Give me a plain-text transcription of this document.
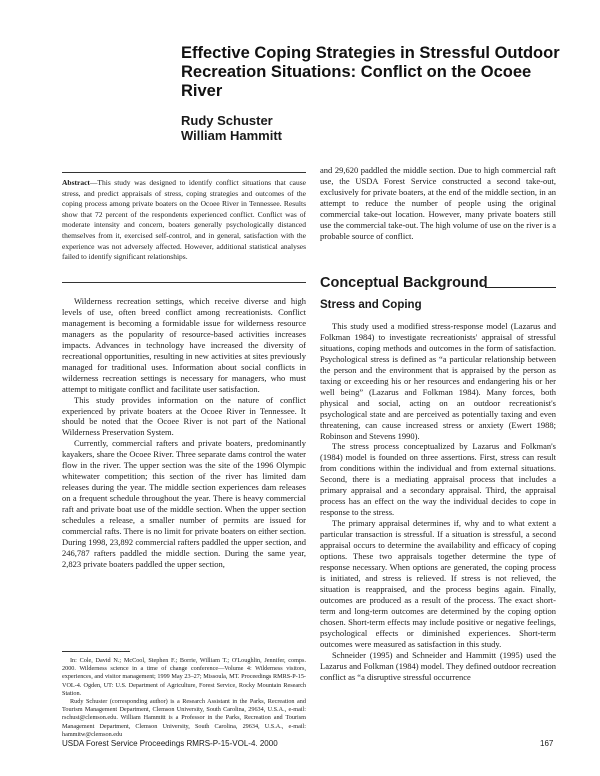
Effective Coping Strategies in Stressful Outdoor Recreation Situations: Conflict on the Ocoee River
Rudy Schuster
William Hammitt
Abstract—This study was designed to identify conflict situations that cause stress, and predict appraisals of stress, coping strategies and outcomes of the coping process among private boaters on the Ocoee River in Tennessee. Results show that 72 percent of the respondents experienced conflict. Conflict was of moderate intensity and concern, boaters generally psychologically distanced themselves from it, exercised self-control, and in general, satisfaction with the experience was not adversely affected. However, additional statistical analyses failed to identify significant relationships.

Wilderness recreation settings, which receive diverse and high levels of use, often breed conflict among recreationists. Conflict management is becoming a formidable issue for wilderness resource managers as the popularity of resource-based activities increases impacts. Advances in technology have increased the diversity of recreational opportunities, resulting in new activities at sites previously managed for traditional uses. Information about social conflicts in wilderness recreation settings is necessary for managers, who must attempt to mitigate conflict and facilitate user satisfaction.

This study provides information on the nature of conflict experienced by private boaters at the Ocoee River in Tennessee. It should be noted that the Ocoee River is not part of the National Wilderness Preservation System.

Currently, commercial rafters and private boaters, predominantly kayakers, share the Ocoee River. Three separate dams control the water flow in the river. The upper section was the site of the 1996 Olympic whitewater competition; this section of the river has limited dam releases during the year. The middle section experiences dam releases on a frequent schedule throughout the year. There is heavy commercial raft and private boat use of the middle section. When the upper section schedules a release, a smaller number of permits are issued for commercial rafts. There is no limit for private boaters on either section. During 1998, 23,892 commercial rafters paddled the upper section, and 246,787 rafters paddled the middle section. During the same year, 2,823 private boaters paddled the upper section,

In: Cole, David N.; McCool, Stephen F.; Borrie, William T.; O'Loughlin, Jennifer, comps. 2000. Wilderness science in a time of change conference—Volume 4: Wilderness visitors, experiences, and visitor management; 1999 May 23–27; Missoula, MT. Proceedings RMRS-P-15-VOL-4. Ogden, UT: U.S. Department of Agriculture, Forest Service, Rocky Mountain Research Station.

Rudy Schuster (corresponding author) is a Research Assistant in the Parks, Recreation and Tourism Management Department, Clemson University, South Carolina, 29634, U.S.A., e-mail: rschust@clemson.edu. William Hammitt is a Professor in the Parks, Recreation and Tourism Management Department, Clemson University, South Carolina, 29634, U.S.A., e-mail: hammitw@clemson.edu

and 29,620 paddled the middle section. Due to high commercial raft use, the USDA Forest Service constructed a second take-out, exclusively for private boaters, at the end of the middle section, in an attempt to reduce the number of people using the original commercial take-out location. However, many private boaters still use the commercial take-out. The high volume of use on the river is a probable source of conflict.

Conceptual Background
Stress and Coping

This study used a modified stress-response model (Lazarus and Folkman 1984) to investigate recreationists' appraisal of stressful situations, coping methods and outcomes in the form of satisfaction. Psychological stress is defined as “a particular relationship between the person and the environment that is appraised by the person as taxing or exceeding his or her resources and endangering his or her well being” (Lazarus and Folkman 1984). Many forces, both physical and social, acting on an outdoor recreationist's psychological state and are perceived as potentially taxing and even threatening, can cause increased stress or anxiety (Ewert 1988; Robinson and Stevens 1990).

The stress process conceptualized by Lazarus and Folkman's (1984) model is founded on three assertions. First, stress can result from conditions within the individual and from external situations. Second, there is a mediating appraisal process that includes a primary appraisal and a secondary appraisal. Third, the appraisal process has an effect on the way the individual decides to cope in response to the stress.

The primary appraisal determines if, why and to what extent a particular transaction is stressful. If a situation is stressful, a second appraisal occurs to determine the availability and efficacy of coping options. These two appraisals together determine the type of response necessary. When options are generated, the coping process is initiated, and stress is relieved. If stress is not relieved, the situation is reappraised, and the process begins again. Finally, outcomes are produced as a result of the process. The exact short-term and long-term outcomes are determined by the coping option chosen. Short-term effects may include positive or negative feelings, psychological effects or diminished experiences. Short-term outcomes were measured as satisfaction in this study.

Schneider (1995) and Schneider and Hammitt (1995) used the Lazarus and Folkman (1984) model. They defined outdoor recreation conflict as “a disruptive stressful occurrence

USDA Forest Service Proceedings RMRS-P-15-VOL-4. 2000	167
